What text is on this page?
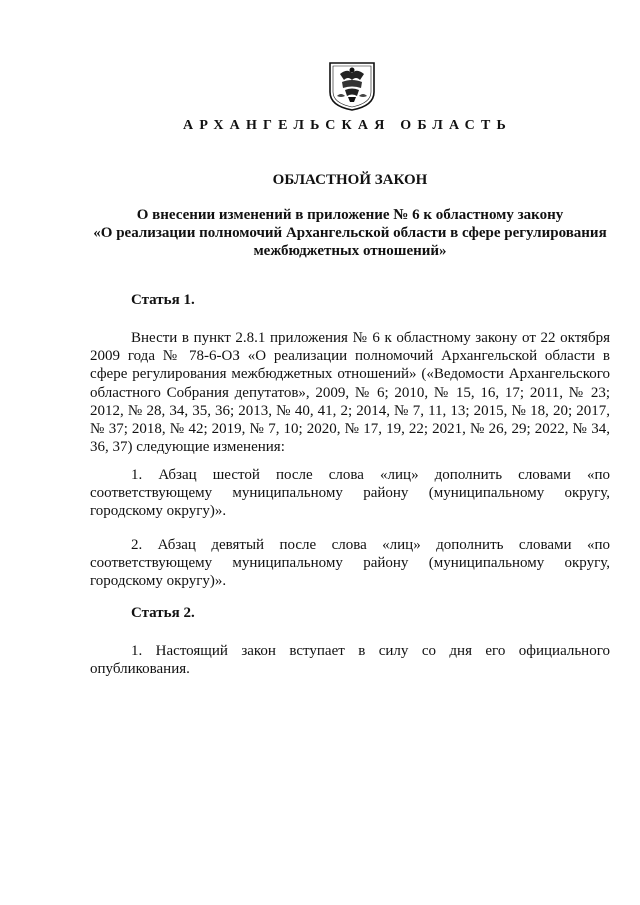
АРХАНГЕЛЬСКАЯ ОБЛАСТЬ
ОБЛАСТНОЙ ЗАКОН
О внесении изменений в приложение № 6 к областному закону
«О реализации полномочий Архангельской области в сфере регулирования
межбюджетных отношений»
Статья 1.
Внести в пункт 2.8.1 приложения № 6 к областному закону от 22 октября 2009 года № 78-6-ОЗ «О реализации полномочий Архангельской области в сфере регулирования межбюджетных отношений» («Ведомости Архангельского областного Собрания депутатов», 2009, № 6; 2010, № 15, 16, 17; 2011, № 23; 2012, № 28, 34, 35, 36; 2013, № 40, 41, 2; 2014, № 7, 11, 13; 2015, № 18, 20; 2017, № 37; 2018, № 42; 2019, № 7, 10; 2020, № 17, 19, 22; 2021, № 26, 29; 2022, № 34, 36, 37) следующие изменения:
1. Абзац шестой после слова «лиц» дополнить словами «по соответствующему муниципальному району (муниципальному округу, городскому округу)».
2. Абзац девятый после слова «лиц» дополнить словами «по соответствующему муниципальному району (муниципальному округу, городскому округу)».
Статья 2.
1. Настоящий закон вступает в силу со дня его официального опубликования.
